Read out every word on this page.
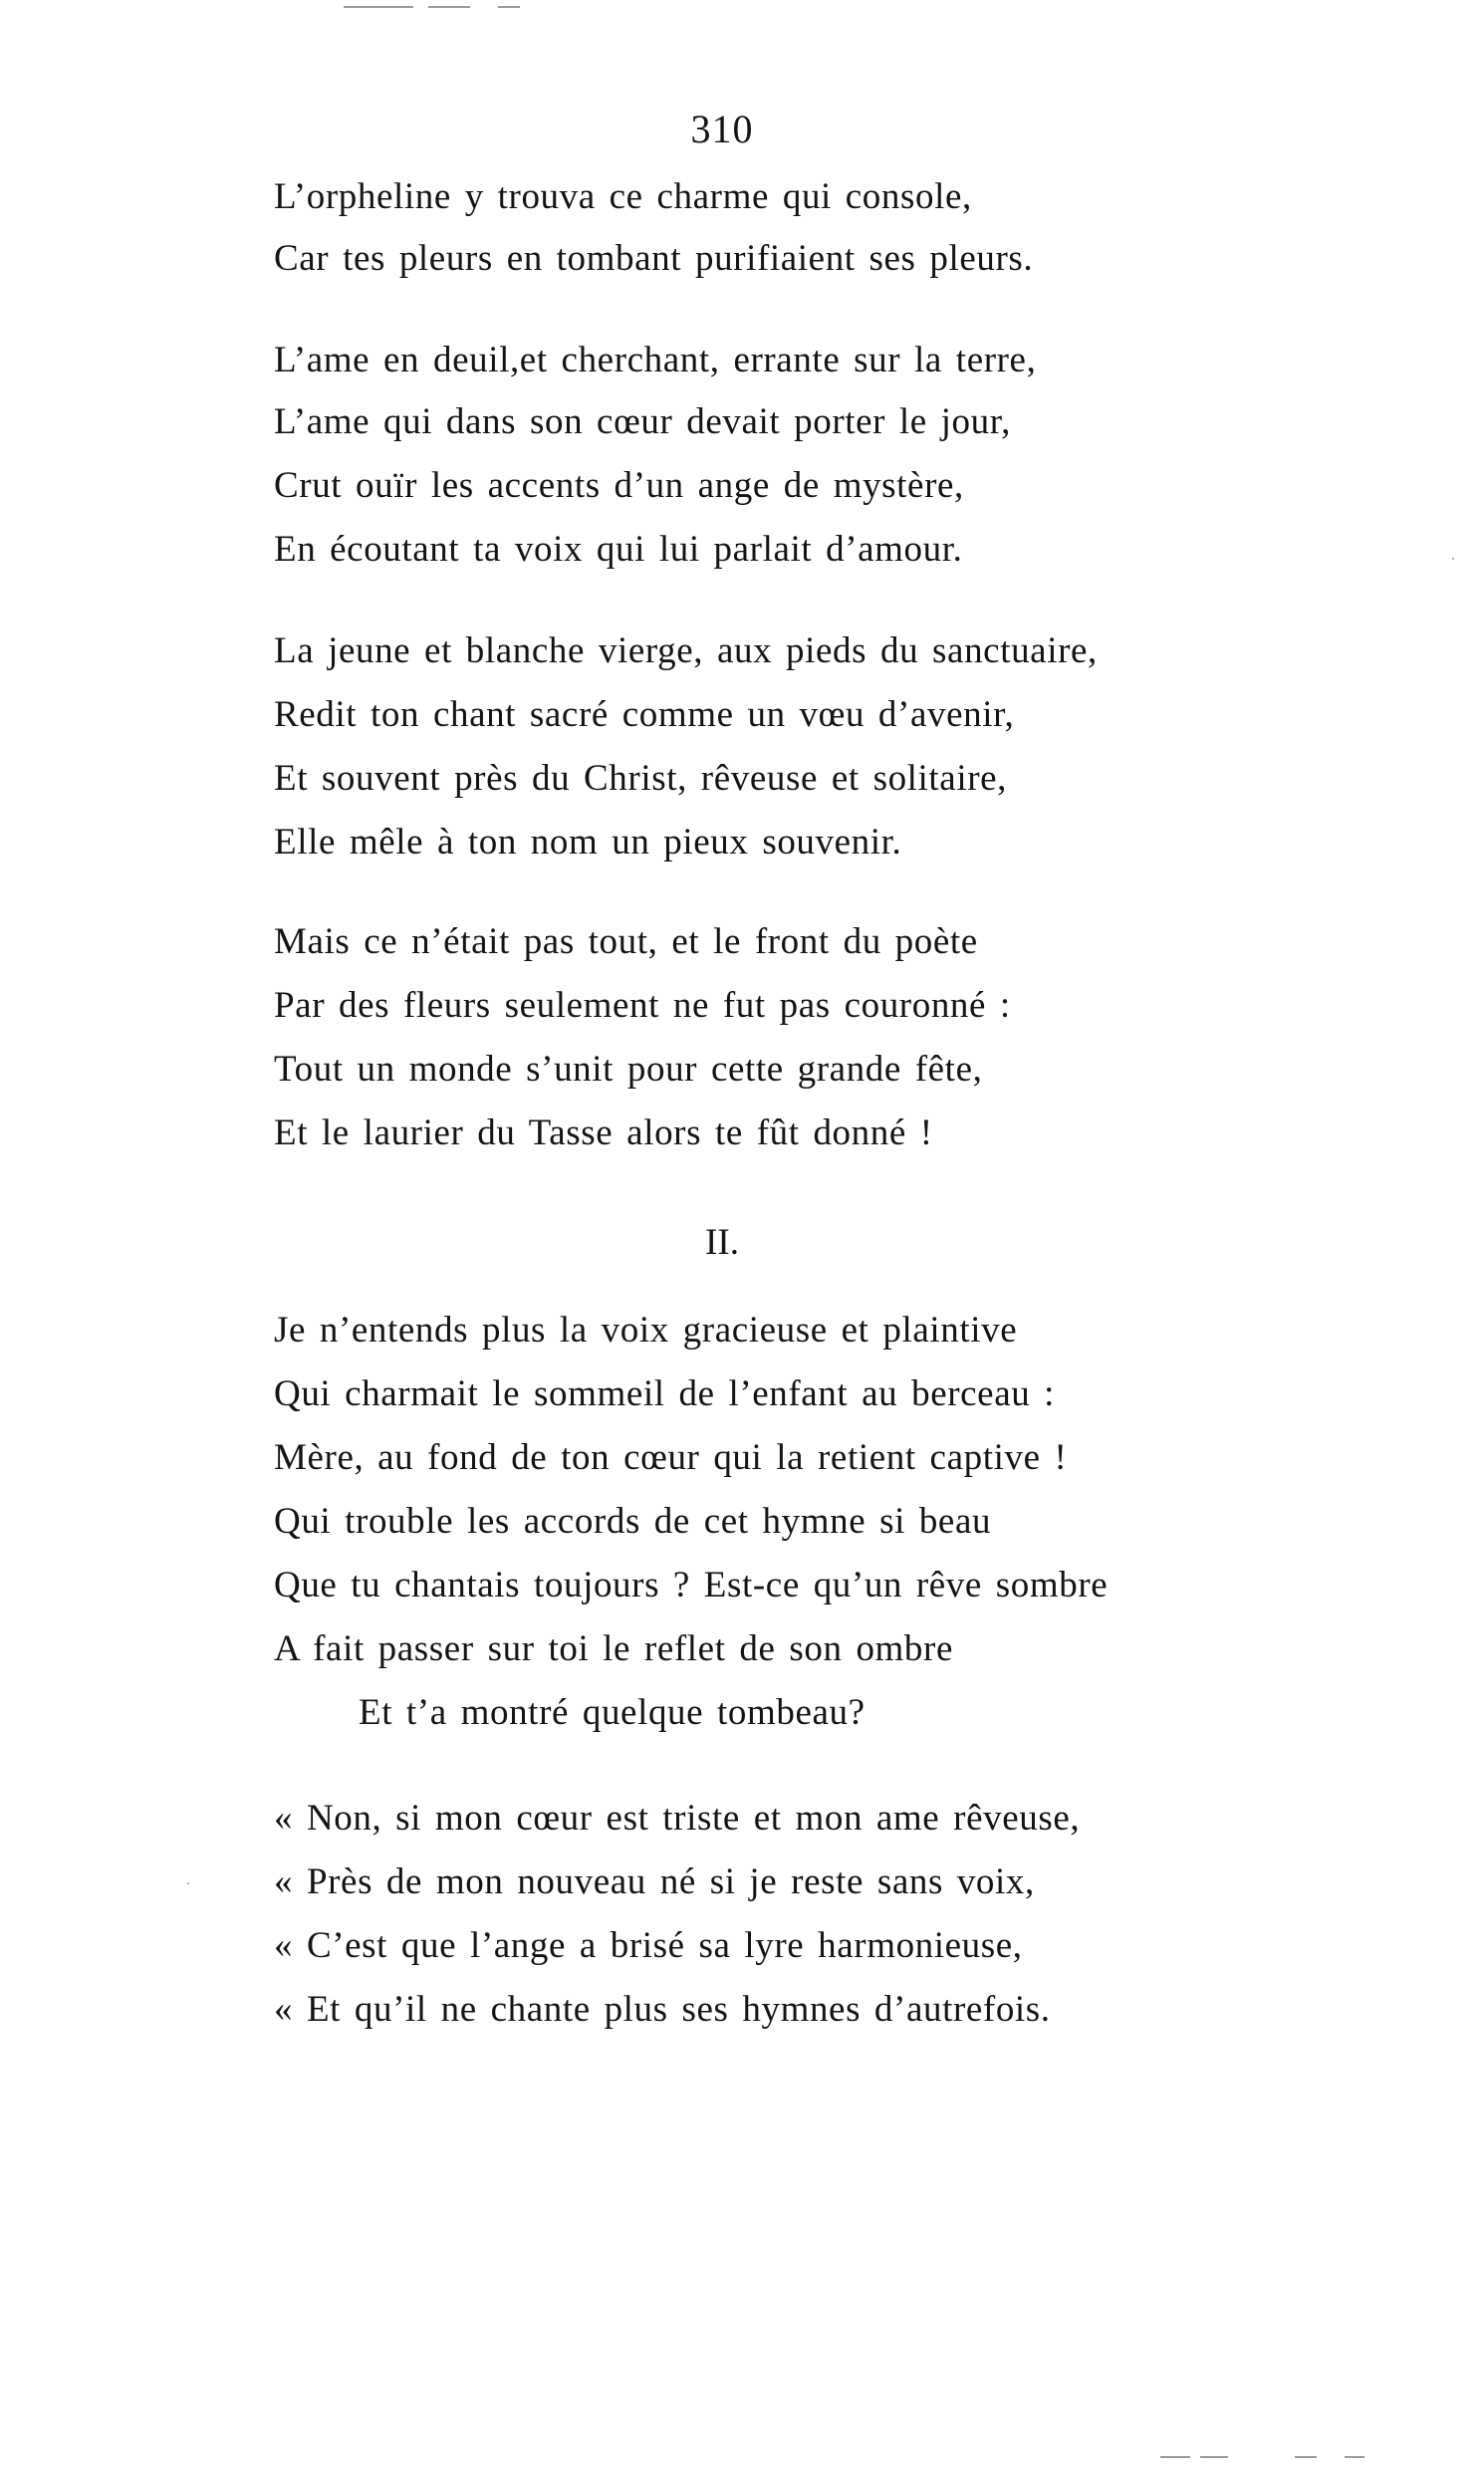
310
L’orpheline y trouva ce charme qui console,
Car tes pleurs en tombant purifiaient ses pleurs.
L’ame en deuil,et cherchant, errante sur la terre,
L’ame qui dans son cœur devait porter le jour,
Crut ouïr les accents d’un ange de mystère,
En écoutant ta voix qui lui parlait d’amour.
La jeune et blanche vierge, aux pieds du sanctuaire,
Redit ton chant sacré comme un vœu d’avenir,
Et souvent près du Christ, rêveuse et solitaire,
Elle mêle à ton nom un pieux souvenir.
Mais ce n’était pas tout, et le front du poète
Par des fleurs seulement ne fut pas couronné :
Tout un monde s’unit pour cette grande fête,
Et le laurier du Tasse alors te fût donné !
II.
Je n’entends plus la voix gracieuse et plaintive
Qui charmait le sommeil de l’enfant au berceau :
Mère, au fond de ton cœur qui la retient captive !
Qui trouble les accords de cet hymne si beau
Que tu chantais toujours ? Est-ce qu’un rêve sombre
A fait passer sur toi le reflet de son ombre
Et t’a montré quelque tombeau?
« Non, si mon cœur est triste et mon ame rêveuse,
« Près de mon nouveau né si je reste sans voix,
« C’est que l’ange a brisé sa lyre harmonieuse,
« Et qu’il ne chante plus ses hymnes d’autrefois.
